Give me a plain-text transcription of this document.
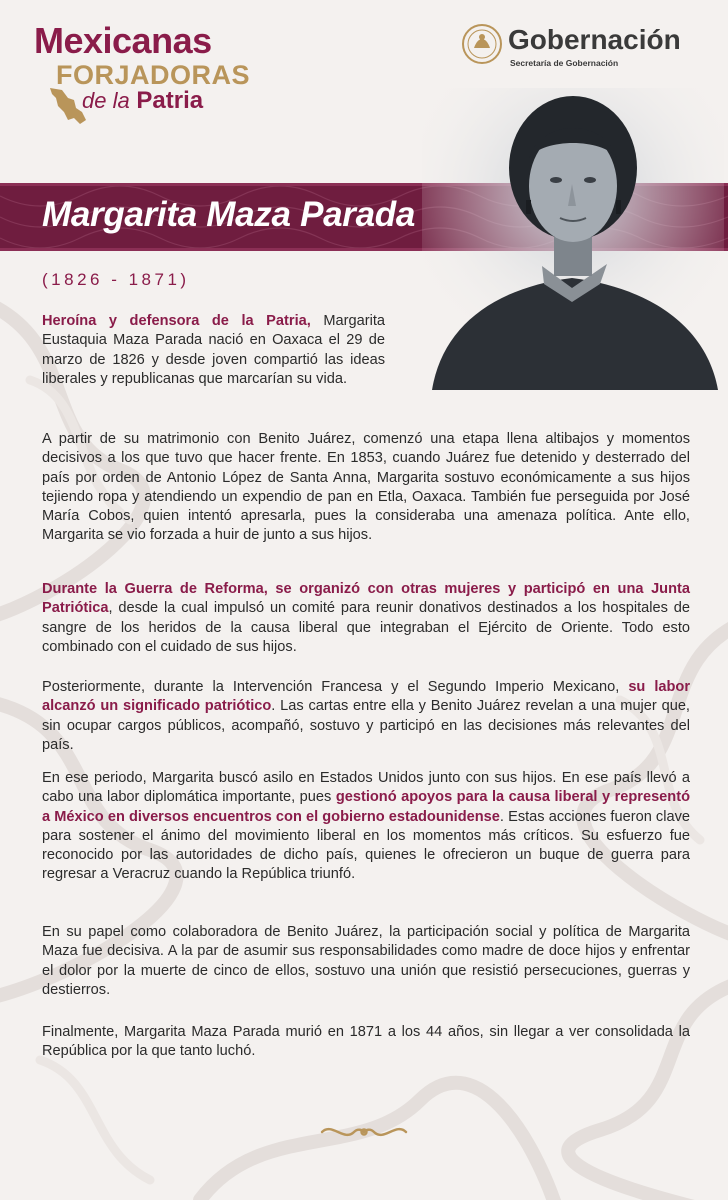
Mexicanas
FORJADORAS
de la Patria
Gobernación
Secretaría de Gobernación
Margarita Maza Parada
(1826 - 1871)
Heroína y defensora de la Patria, Margarita Eustaquia Maza Parada nació en Oaxaca el 29 de marzo de 1826 y desde joven compartió las ideas liberales y republicanas que marcarían su vida.
A partir de su matrimonio con Benito Juárez, comenzó una etapa llena altibajos y momentos decisivos a los que tuvo que hacer frente. En 1853, cuando Juárez fue detenido y desterrado del país por orden de Antonio López de Santa Anna, Margarita sostuvo económicamente a sus hijos tejiendo ropa y atendiendo un expendio de pan en Etla, Oaxaca. También fue perseguida por José María Cobos, quien intentó apresarla, pues la consideraba una amenaza política. Ante ello, Margarita se vio forzada a huir de junto a sus hijos.
Durante la Guerra de Reforma, se organizó con otras mujeres y participó en una Junta Patriótica, desde la cual impulsó un comité para reunir donativos destinados a los hospitales de sangre de los heridos de la causa liberal que integraban el Ejército de Oriente. Todo esto combinado con el cuidado de sus hijos.
Posteriormente, durante la Intervención Francesa y el Segundo Imperio Mexicano, su labor alcanzó un significado patriótico. Las cartas entre ella y Benito Juárez revelan a una mujer que, sin ocupar cargos públicos, acompañó, sostuvo y participó en las decisiones más relevantes del país.
En ese periodo, Margarita buscó asilo en Estados Unidos junto con sus hijos. En ese país llevó a cabo una labor diplomática importante, pues gestionó apoyos para la causa liberal y representó a México en diversos encuentros con el gobierno estadounidense. Estas acciones fueron clave para sostener el ánimo del movimiento liberal en los momentos más críticos. Su esfuerzo fue reconocido por las autoridades de dicho país, quienes le ofrecieron un buque de guerra para regresar a Veracruz cuando la República triunfó.
En su papel como colaboradora de Benito Juárez, la participación social y política de Margarita Maza fue decisiva. A la par de asumir sus responsabilidades como madre de doce hijos y enfrentar el dolor por la muerte de cinco de ellos, sostuvo una unión que resistió persecuciones, guerras y destierros.
Finalmente, Margarita Maza Parada murió en 1871 a los 44 años, sin llegar a ver consolidada la República por la que tanto luchó.
